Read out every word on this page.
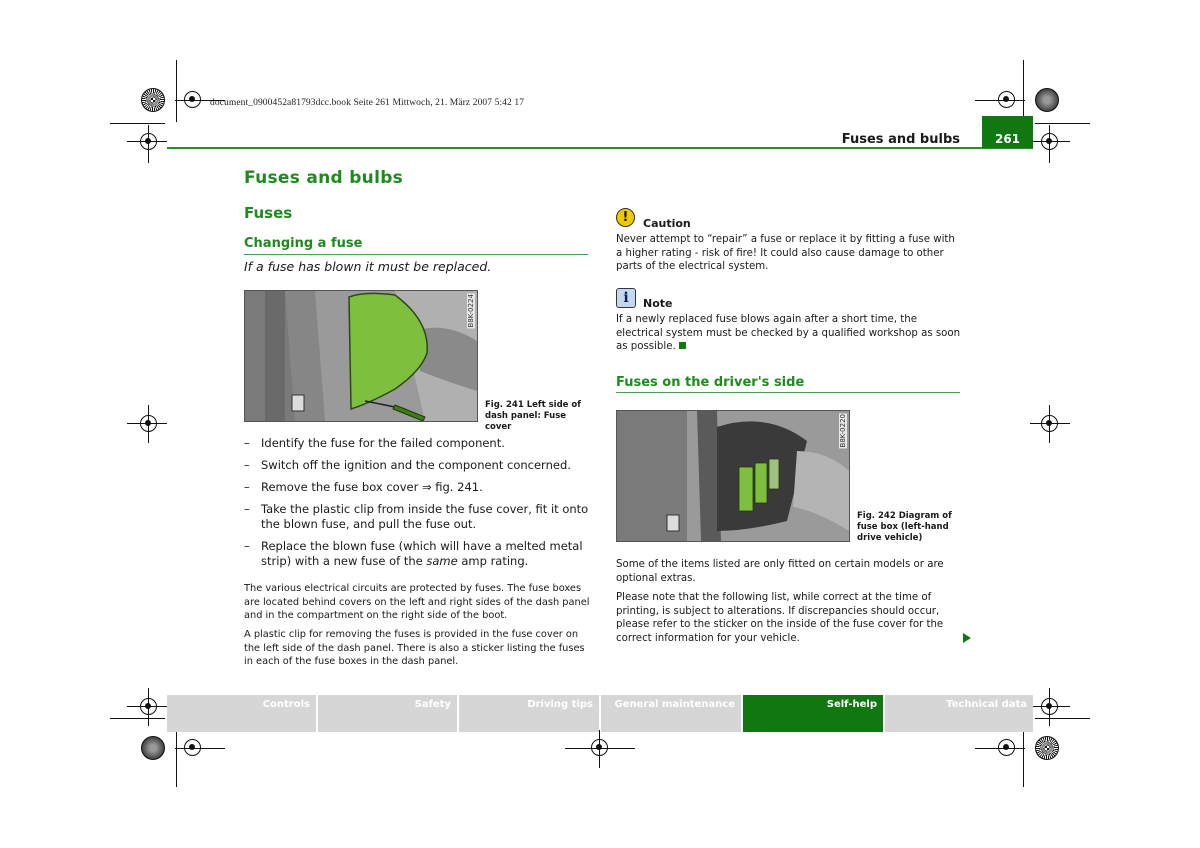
document_0900452a81793dcc.book Seite 261 Mittwoch, 21. März 2007 5:42 17
Fuses and bulbs	261
Fuses and bulbs
Fuses
Changing a fuse
If a fuse has blown it must be replaced.
B8K-0224
Fig. 241 Left side of
dash panel: Fuse cover
– Identify the fuse for the failed component.
– Switch off the ignition and the component concerned.
– Remove the fuse box cover ⇒ fig. 241.
– Take the plastic clip from inside the fuse cover, fit it onto the blown fuse, and pull the fuse out.
– Replace the blown fuse (which will have a melted metal strip) with a new fuse of the same amp rating.
The various electrical circuits are protected by fuses. The fuse boxes are located behind covers on the left and right sides of the dash panel and in the compartment on the right side of the boot.
A plastic clip for removing the fuses is provided in the fuse cover on the left side of the dash panel. There is also a sticker listing the fuses in each of the fuse boxes in the dash panel.
!	Caution
Never attempt to “repair” a fuse or replace it by fitting a fuse with a higher rating - risk of fire! It could also cause damage to other parts of the electrical system.
i	Note
If a newly replaced fuse blows again after a short time, the electrical system must be checked by a qualified workshop as soon as possible.
Fuses on the driver's side
B8K-0220
Fig. 242 Diagram of
fuse box (left-hand
drive vehicle)
Some of the items listed are only fitted on certain models or are optional extras.
Please note that the following list, while correct at the time of printing, is subject to alterations. If discrepancies should occur, please refer to the sticker on the inside of the fuse cover for the correct information for your vehicle.
Controls	Safety	Driving tips	General maintenance	Self-help	Technical data
